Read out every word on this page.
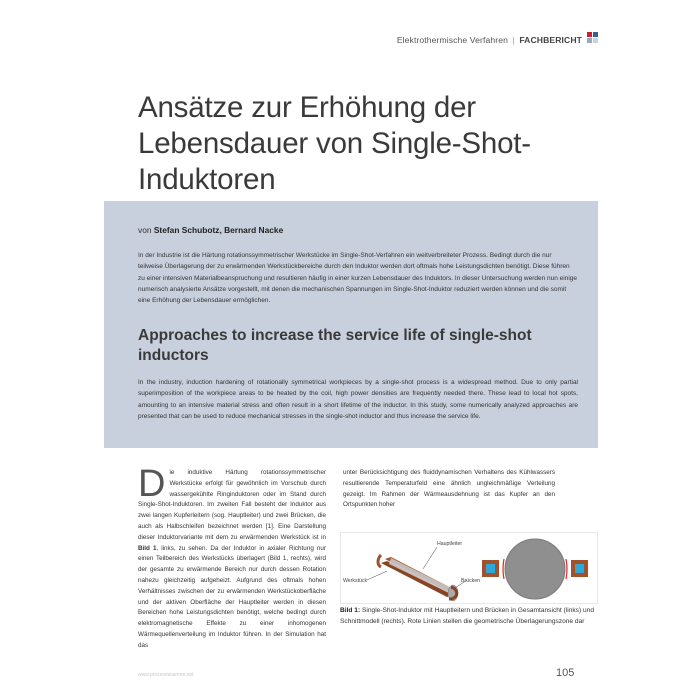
Elektrothermische Verfahren | FACHBERICHT
Ansätze zur Erhöhung der Lebensdauer von Single-Shot-Induktoren
von Stefan Schubotz, Bernard Nacke

In der Industrie ist die Härtung rotationssymmetrischer Werkstücke im Single-Shot-Verfahren ein weitverbreiteter Prozess. Bedingt durch die nur teilweise Überlagerung der zu erwärmenden Werkstückbereiche durch den Induktor werden dort oftmals hohe Leistungsdichten benötigt. Diese führen zu einer intensiven Materialbeanspruchung und resultieren häufig in einer kurzen Lebensdauer des Induktors. In dieser Untersuchung werden nun einige numerisch analysierte Ansätze vorgestellt, mit denen die mechanischen Spannungen im Single-Shot-Induktor reduziert werden können und die somit eine Erhöhung der Lebensdauer ermöglichen.

Approaches to increase the service life of single-shot inductors

In the industry, induction hardening of rotationally symmetrical workpieces by a single-shot process is a widespread method. Due to only partial superimposition of the workpiece areas to be heated by the coil, high power densities are frequently needed there. These lead to local hot spots, amounting to an intensive material stress and often result in a short lifetime of the inductor. In this study, some numerically analyzed approaches are presented that can be used to reduce mechanical stresses in the single-shot inductor and thus increase the service life.

D ie induktive Härtung rotationssymmetrischer Werkstücke erfolgt für gewöhnlich im Vorschub durch wassergekühlte Ringinduktoren oder im Stand durch Single-Shot-Induktoren. Im zweiten Fall besteht der Induktor aus zwei langen Kupferleitern (sog. Hauptleiter) und zwei Brücken, die auch als Halbschleifen bezeichnet werden [1]. Eine Darstellung dieser Induktorvariante mit dem zu erwärmenden Werkstück ist in Bild 1, links, zu sehen. Da der Induktor in axialer Richtung nur einen Teilbereich des Werkstücks überlagert (Bild 1, rechts), wird der gesamte zu erwärmende Bereich nur durch dessen Rotation nahezu gleichzeitig aufgeheizt. Aufgrund des oftmals hohen Verhältnisses zwischen der zu erwärmenden Werkstückoberfläche und der aktiven Oberfläche der Hauptleiter werden in diesen Bereichen hohe Leistungsdichten benötigt, welche bedingt durch elektromagnetische Effekte zu einer inhomogenen Wärmequellenverteilung im Induktor führen. In der Simulation hat das

unter Berücksichtigung des fluiddynamischen Verhaltens des Kühlwassers resultierende Temperaturfeld eine ähnlich ungleichmäßige Verteilung gezeigt. Im Rahmen der Wärmeausdehnung ist das Kupfer an den Ortspunkten hoher

Hauptleiter
Werkstück	Brücken

Bild 1: Single-Shot-Induktor mit Hauptleitern und Brücken in Gesamtansicht (links) und Schnittmodell (rechts). Rote Linien stellen die geometrische Überlagerungszone dar

www.prozesswaerme.net	105
